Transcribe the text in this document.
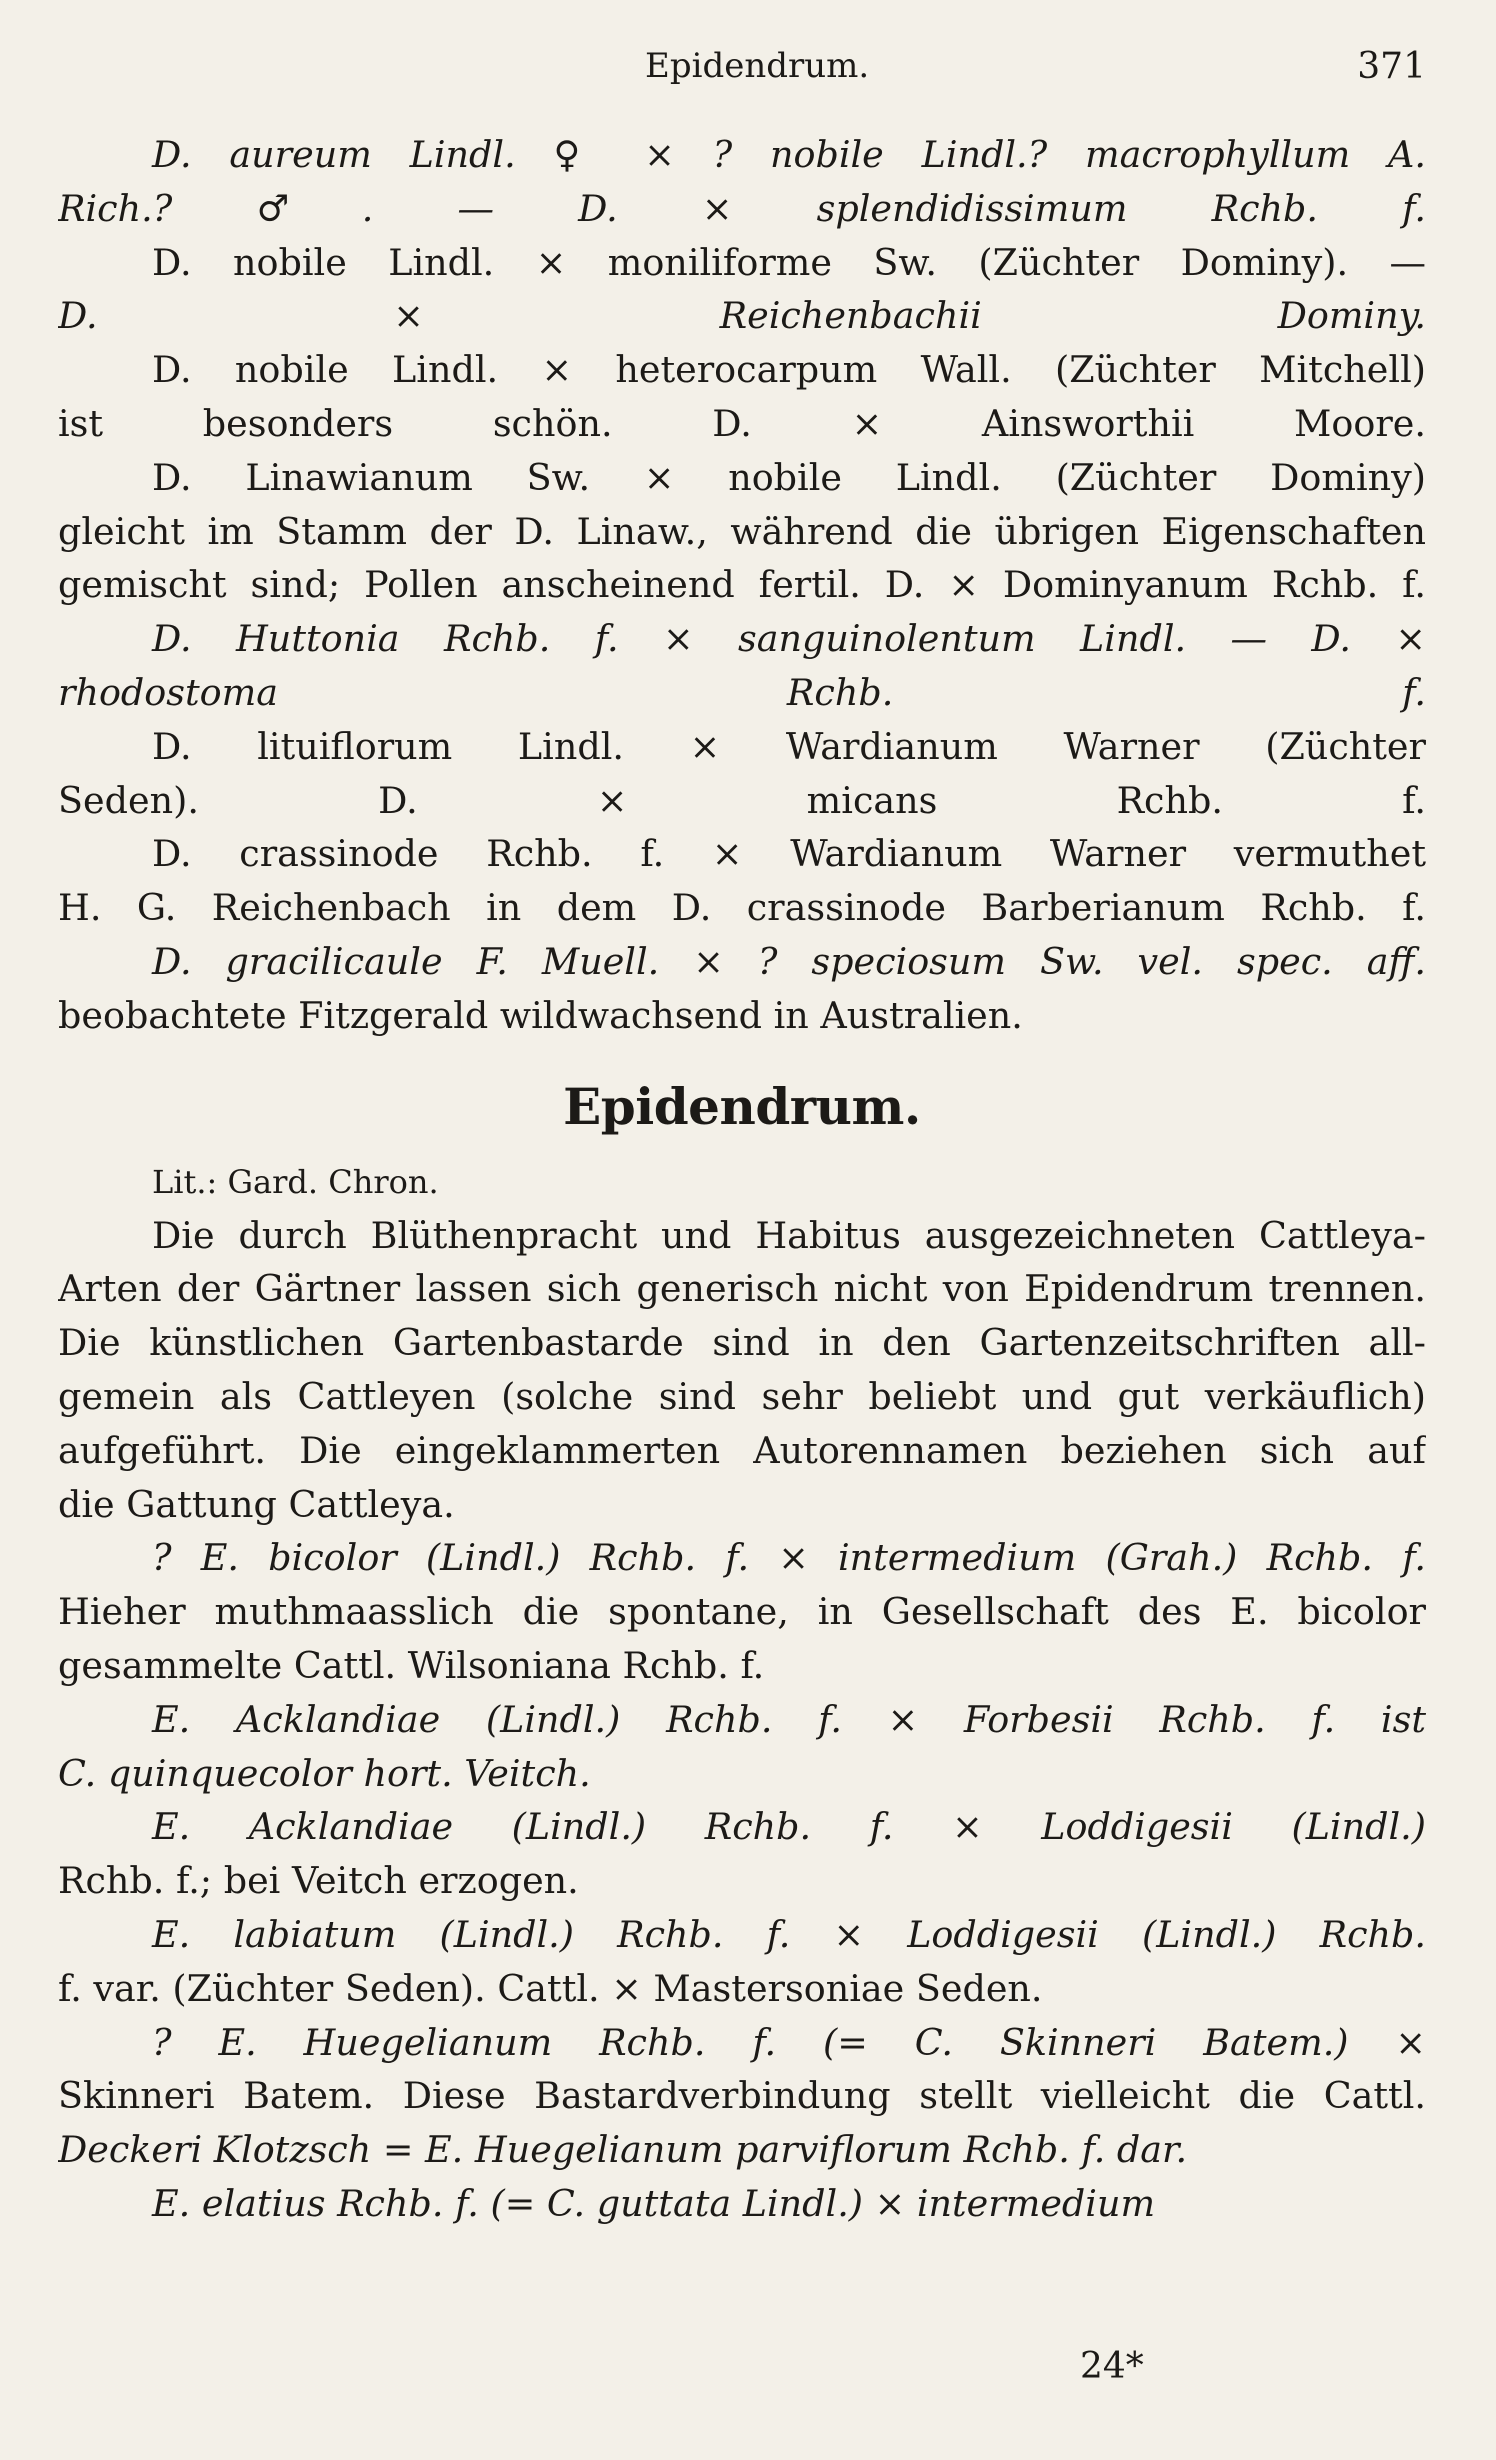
Epidendrum.	371
D. aureum Lindl. ♀ × ? nobile Lindl.? macrophyllum A.
Rich.? ♂. — D. ⨯ splendidissimum Rchb. f.
D. nobile Lindl. × moniliforme Sw. (Züchter Dominy). —
D. ⨯ Reichenbachii Dominy.
D. nobile Lindl. × heterocarpum Wall. (Züchter Mitchell)
ist besonders schön. D. ⨯ Ainsworthii Moore.
D. Linawianum Sw. × nobile Lindl. (Züchter Dominy)
gleicht im Stamm der D. Linaw., während die übrigen Eigenschaften
gemischt sind; Pollen anscheinend fertil. D. ⨯ Dominyanum Rchb. f.
D. Huttonia Rchb. f. × sanguinolentum Lindl. — D. ⨯
rhodostoma Rchb. f.
D. lituiflorum Lindl. × Wardianum Warner (Züchter
Seden). D. ⨯ micans Rchb. f.
D. crassinode Rchb. f. × Wardianum Warner vermuthet
H. G. Reichenbach in dem D. crassinode Barberianum Rchb. f.
D. gracilicaule F. Muell. × ? speciosum Sw. vel. spec. aff.
beobachtete Fitzgerald wildwachsend in Australien.
Epidendrum.
Lit.: Gard. Chron.
Die durch Blüthenpracht und Habitus ausgezeichneten Cattleya-
Arten der Gärtner lassen sich generisch nicht von Epidendrum trennen.
Die künstlichen Gartenbastarde sind in den Gartenzeitschriften all-
gemein als Cattleyen (solche sind sehr beliebt und gut verkäuflich)
aufgeführt. Die eingeklammerten Autorennamen beziehen sich auf
die Gattung Cattleya.
? E. bicolor (Lindl.) Rchb. f. × intermedium (Grah.) Rchb. f.
Hieher muthmaasslich die spontane, in Gesellschaft des E. bicolor
gesammelte Cattl. Wilsoniana Rchb. f.
E. Acklandiae (Lindl.) Rchb. f. × Forbesii Rchb. f. ist
C. quinquecolor hort. Veitch.
E. Acklandiae (Lindl.) Rchb. f. × Loddigesii (Lindl.)
Rchb. f.; bei Veitch erzogen.
E. labiatum (Lindl.) Rchb. f. × Loddigesii (Lindl.) Rchb.
f. var. (Züchter Seden). Cattl. ⨯ Mastersoniae Seden.
? E. Huegelianum Rchb. f. (= C. Skinneri Batem.) ×
Skinneri Batem. Diese Bastardverbindung stellt vielleicht die Cattl.
Deckeri Klotzsch = E. Huegelianum parviflorum Rchb. f. dar.
E. elatius Rchb. f. (= C. guttata Lindl.) × intermedium
24*
